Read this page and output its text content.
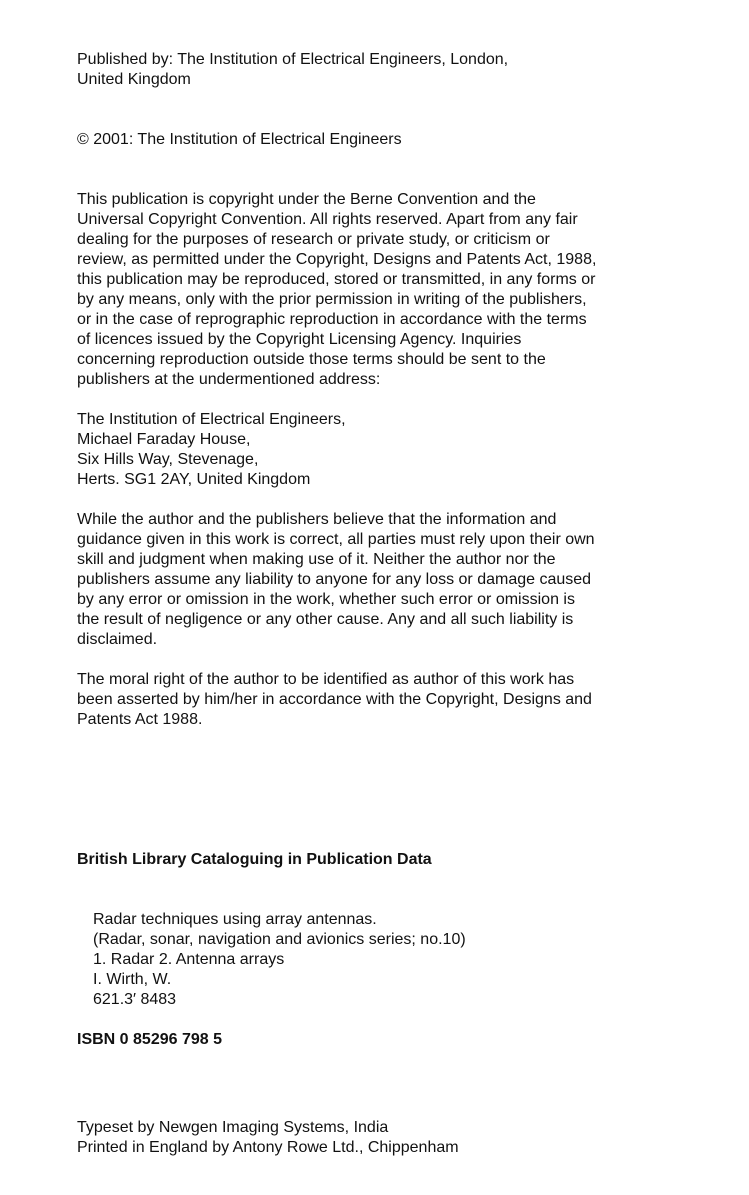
Published by: The Institution of Electrical Engineers, London,
United Kingdom
© 2001: The Institution of Electrical Engineers
This publication is copyright under the Berne Convention and the
Universal Copyright Convention. All rights reserved. Apart from any fair
dealing for the purposes of research or private study, or criticism or
review, as permitted under the Copyright, Designs and Patents Act, 1988,
this publication may be reproduced, stored or transmitted, in any forms or
by any means, only with the prior permission in writing of the publishers,
or in the case of reprographic reproduction in accordance with the terms
of licences issued by the Copyright Licensing Agency. Inquiries
concerning reproduction outside those terms should be sent to the
publishers at the undermentioned address:
The Institution of Electrical Engineers,
Michael Faraday House,
Six Hills Way, Stevenage,
Herts. SG1 2AY, United Kingdom
While the author and the publishers believe that the information and
guidance given in this work is correct, all parties must rely upon their own
skill and judgment when making use of it. Neither the author nor the
publishers assume any liability to anyone for any loss or damage caused
by any error or omission in the work, whether such error or omission is
the result of negligence or any other cause. Any and all such liability is
disclaimed.
The moral right of the author to be identified as author of this work has
been asserted by him/her in accordance with the Copyright, Designs and
Patents Act 1988.
British Library Cataloguing in Publication Data
Radar techniques using array antennas.
(Radar, sonar, navigation and avionics series; no.10)
1. Radar 2. Antenna arrays
I. Wirth, W.
621.3′ 8483
ISBN 0 85296 798 5
Typeset by Newgen Imaging Systems, India
Printed in England by Antony Rowe Ltd., Chippenham
